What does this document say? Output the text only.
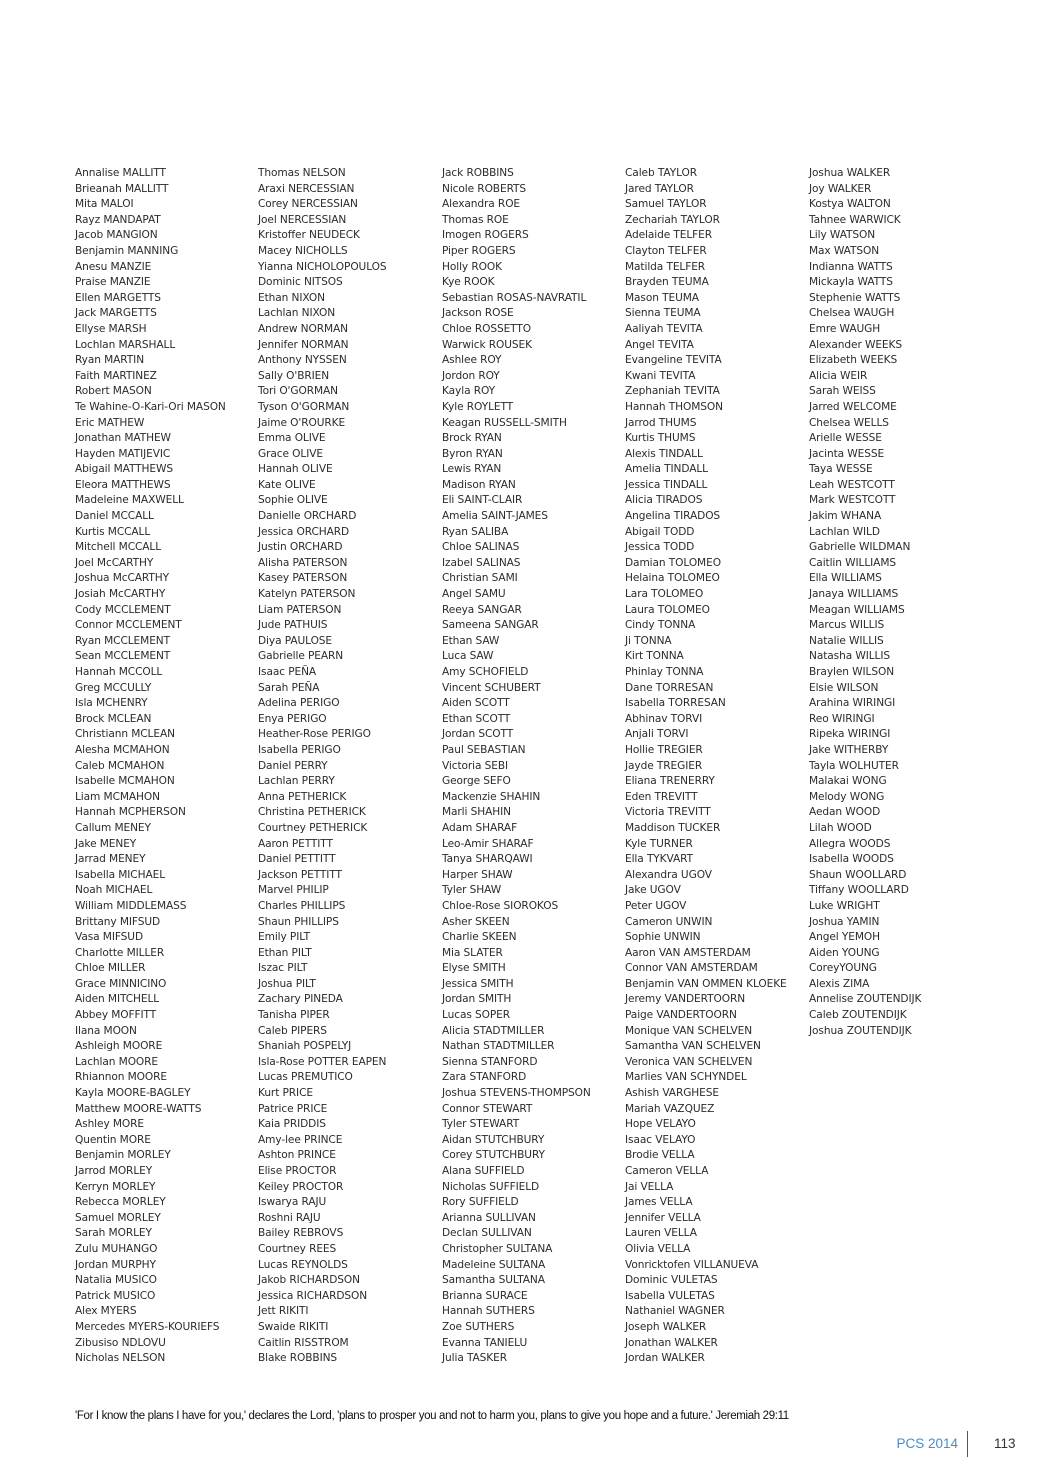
Annalise MALLITT
Brieanah MALLITT
Mita MALOI
Rayz MANDAPAT
Jacob MANGION
Benjamin MANNING
Anesu MANZIE
Praise MANZIE
Ellen MARGETTS
Jack MARGETTS
Ellyse MARSH
Lochlan MARSHALL
Ryan MARTIN
Faith MARTINEZ
Robert MASON
Te Wahine-O-Kari-Ori MASON
Eric MATHEW
Jonathan MATHEW
Hayden MATIJEVIC
Abigail MATTHEWS
Eleora MATTHEWS
Madeleine MAXWELL
Daniel MCCALL
Kurtis MCCALL
Mitchell MCCALL
Joel McCARTHY
Joshua McCARTHY
Josiah McCARTHY
Cody MCCLEMENT
Connor MCCLEMENT
Ryan MCCLEMENT
Sean MCCLEMENT
Hannah MCCOLL
Greg MCCULLY
Isla MCHENRY
Brock MCLEAN
Christiann MCLEAN
Alesha MCMAHON
Caleb MCMAHON
Isabelle MCMAHON
Liam MCMAHON
Hannah MCPHERSON
Callum MENEY
Jake MENEY
Jarrad MENEY
Isabella MICHAEL
Noah MICHAEL
William MIDDLEMASS
Brittany MIFSUD
Vasa MIFSUD
Charlotte MILLER
Chloe MILLER
Grace MINNICINO
Aiden MITCHELL
Abbey MOFFITT
Ilana MOON
Ashleigh MOORE
Lachlan MOORE
Rhiannon MOORE
Kayla MOORE-BAGLEY
Matthew MOORE-WATTS
Ashley MORE
Quentin MORE
Benjamin MORLEY
Jarrod MORLEY
Kerryn MORLEY
Rebecca MORLEY
Samuel MORLEY
Sarah MORLEY
Zulu MUHANGO
Jordan MURPHY
Natalia MUSICO
Patrick MUSICO
Alex MYERS
Mercedes MYERS-KOURIEFS
Zibusiso NDLOVU
Nicholas NELSON
Thomas NELSON
Araxi NERCESSIAN
Corey NERCESSIAN
Joel NERCESSIAN
Kristoffer NEUDECK
Macey NICHOLLS
Yianna NICHOLOPOULOS
Dominic NITSOS
Ethan NIXON
Lachlan NIXON
Andrew NORMAN
Jennifer NORMAN
Anthony NYSSEN
Sally O'BRIEN
Tori O'GORMAN
Tyson O'GORMAN
Jaime O'ROURKE
Emma OLIVE
Grace OLIVE
Hannah OLIVE
Kate OLIVE
Sophie OLIVE
Danielle ORCHARD
Jessica ORCHARD
Justin ORCHARD
Alisha PATERSON
Kasey PATERSON
Katelyn PATERSON
Liam PATERSON
Jude PATHUIS
Diya PAULOSE
Gabrielle PEARN
Isaac PEÑA
Sarah PEÑA
Adelina PERIGO
Enya PERIGO
Heather-Rose PERIGO
Isabella PERIGO
Daniel PERRY
Lachlan PERRY
Anna PETHERICK
Christina PETHERICK
Courtney PETHERICK
Aaron PETTITT
Daniel PETTITT
Jackson PETTITT
Marvel PHILIP
Charles PHILLIPS
Shaun PHILLIPS
Emily PILT
Ethan PILT
Iszac PILT
Joshua PILT
Zachary PINEDA
Tanisha PIPER
Caleb PIPERS
Shaniah POSPELYJ
Isla-Rose POTTER EAPEN
Lucas PREMUTICO
Kurt PRICE
Patrice PRICE
Kaia PRIDDIS
Amy-lee PRINCE
Ashton PRINCE
Elise PROCTOR
Keiley PROCTOR
Iswarya RAJU
Roshni RAJU
Bailey REBROVS
Courtney REES
Lucas REYNOLDS
Jakob RICHARDSON
Jessica RICHARDSON
Jett RIKITI
Swaide RIKITI
Caitlin RISSTROM
Blake ROBBINS
Jack ROBBINS
Nicole ROBERTS
Alexandra ROE
Thomas ROE
Imogen ROGERS
Piper ROGERS
Holly ROOK
Kye ROOK
Sebastian ROSAS-NAVRATIL
Jackson ROSE
Chloe ROSSETTO
Warwick ROUSEK
Ashlee ROY
Jordon ROY
Kayla ROY
Kyle ROYLETT
Keagan RUSSELL-SMITH
Brock RYAN
Byron RYAN
Lewis RYAN
Madison RYAN
Eli SAINT-CLAIR
Amelia SAINT-JAMES
Ryan SALIBA
Chloe SALINAS
Izabel SALINAS
Christian SAMI
Angel SAMU
Reeya SANGAR
Sameena SANGAR
Ethan SAW
Luca SAW
Amy SCHOFIELD
Vincent SCHUBERT
Aiden SCOTT
Ethan SCOTT
Jordan SCOTT
Paul SEBASTIAN
Victoria SEBI
George SEFO
Mackenzie SHAHIN
Marli SHAHIN
Adam SHARAF
Leo-Amir SHARAF
Tanya SHARQAWI
Harper SHAW
Tyler SHAW
Chloe-Rose SIOROKOS
Asher SKEEN
Charlie SKEEN
Mia SLATER
Elyse SMITH
Jessica SMITH
Jordan SMITH
Lucas SOPER
Alicia STADTMILLER
Nathan STADTMILLER
Sienna STANFORD
Zara STANFORD
Joshua STEVENS-THOMPSON
Connor STEWART
Tyler STEWART
Aidan STUTCHBURY
Corey STUTCHBURY
Alana SUFFIELD
Nicholas SUFFIELD
Rory SUFFIELD
Arianna SULLIVAN
Declan SULLIVAN
Christopher SULTANA
Madeleine SULTANA
Samantha SULTANA
Brianna SURACE
Hannah SUTHERS
Zoe SUTHERS
Evanna TANIELU
Julia TASKER
Caleb TAYLOR
Jared TAYLOR
Samuel TAYLOR
Zechariah TAYLOR
Adelaide TELFER
Clayton TELFER
Matilda TELFER
Brayden TEUMA
Mason TEUMA
Sienna TEUMA
Aaliyah TEVITA
Angel TEVITA
Evangeline TEVITA
Kwani TEVITA
Zephaniah TEVITA
Hannah THOMSON
Jarrod THUMS
Kurtis THUMS
Alexis TINDALL
Amelia TINDALL
Jessica TINDALL
Alicia TIRADOS
Angelina TIRADOS
Abigail TODD
Jessica TODD
Damian TOLOMEO
Helaina TOLOMEO
Lara TOLOMEO
Laura TOLOMEO
Cindy TONNA
Ji TONNA
Kirt TONNA
Phinlay TONNA
Dane TORRESAN
Isabella TORRESAN
Abhinav TORVI
Anjali TORVI
Hollie TREGIER
Jayde TREGIER
Eliana TRENERRY
Eden TREVITT
Victoria TREVITT
Maddison TUCKER
Kyle TURNER
Ella TYKVART
Alexandra UGOV
Jake UGOV
Peter UGOV
Cameron UNWIN
Sophie UNWIN
Aaron VAN AMSTERDAM
Connor VAN AMSTERDAM
Benjamin VAN OMMEN KLOEKE
Jeremy VANDERTOORN
Paige VANDERTOORN
Monique VAN SCHELVEN
Samantha VAN SCHELVEN
Veronica VAN SCHELVEN
Marlies VAN SCHYNDEL
Ashish VARGHESE
Mariah VAZQUEZ
Hope VELAYO
Isaac VELAYO
Brodie VELLA
Cameron VELLA
Jai VELLA
James VELLA
Jennifer VELLA
Lauren VELLA
Olivia VELLA
Vonricktofen VILLANUEVA
Dominic VULETAS
Isabella VULETAS
Nathaniel WAGNER
Joseph WALKER
Jonathan WALKER
Jordan WALKER
Joshua WALKER
Joy WALKER
Kostya WALTON
Tahnee WARWICK
Lily WATSON
Max WATSON
Indianna WATTS
Mickayla WATTS
Stephenie WATTS
Chelsea WAUGH
Emre WAUGH
Alexander WEEKS
Elizabeth WEEKS
Alicia WEIR
Sarah WEISS
Jarred WELCOME
Chelsea WELLS
Arielle WESSE
Jacinta WESSE
Taya WESSE
Leah WESTCOTT
Mark WESTCOTT
Jakim WHANA
Lachlan WILD
Gabrielle WILDMAN
Caitlin WILLIAMS
Ella WILLIAMS
Janaya WILLIAMS
Meagan WILLIAMS
Marcus WILLIS
Natalie WILLIS
Natasha WILLIS
Braylen WILSON
Elsie WILSON
Arahina WIRINGI
Reo WIRINGI
Ripeka WIRINGI
Jake WITHERBY
Tayla WOLHUTER
Malakai WONG
Melody WONG
Aedan WOOD
Lilah WOOD
Allegra WOODS
Isabella WOODS
Shaun WOOLLARD
Tiffany WOOLLARD
Luke WRIGHT
Joshua YAMIN
Angel YEMOH
Aiden YOUNG
CoreyYOUNG
Alexis ZIMA
Annelise ZOUTENDIJK
Caleb ZOUTENDIJK
Joshua ZOUTENDIJK
'For I know the plans I have for you,' declares the Lord, 'plans to prosper you and not to harm you, plans to give you hope and a future.' Jeremiah 29:11
PCS 2014	113
